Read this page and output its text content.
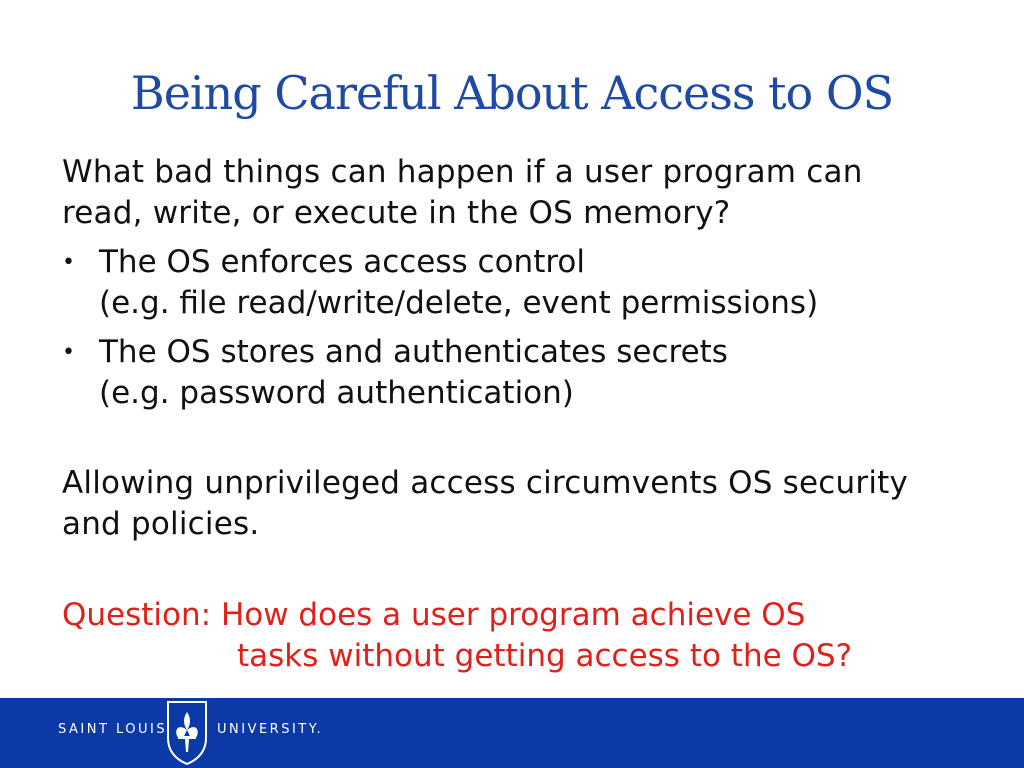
Being Careful About Access to OS
What bad things can happen if a user program can
read, write, or execute in the OS memory?
• The OS enforces access control
(e.g. file read/write/delete, event permissions)
• The OS stores and authenticates secrets
(e.g. password authentication)
Allowing unprivileged access circumvents OS security
and policies.
Question: How does a user program achieve OS
tasks without getting access to the OS?
SAINT LOUIS	UNIVERSITY.
